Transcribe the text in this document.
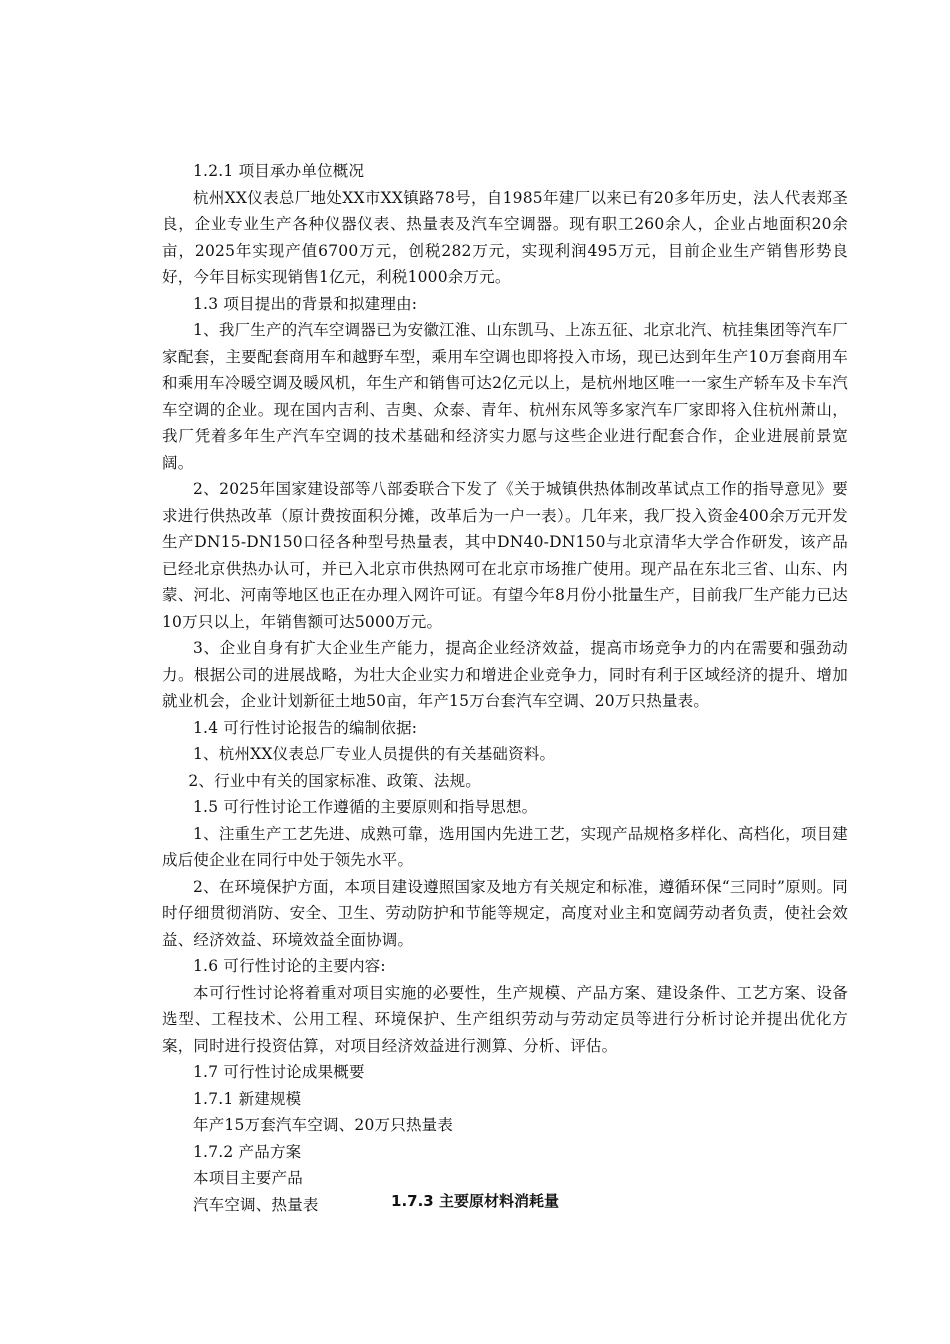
1.2.1 项目承办单位概况

杭州XX仪表总厂地处XX市XX镇路78号，自1985年建厂以来已有20多年历史，法人代表郑圣良，企业专业生产各种仪器仪表、热量表及汽车空调器。现有职工260余人，企业占地面积20余亩，2025年实现产值6700万元，创税282万元，实现利润495万元，目前企业生产销售形势良好，今年目标实现销售1亿元，利税1000余万元。

1.3 项目提出的背景和拟建理由:

1、我厂生产的汽车空调器已为安徽江淮、山东凯马、上冻五征、北京北汽、杭挂集团等汽车厂家配套，主要配套商用车和越野车型，乘用车空调也即将投入市场，现已达到年生产10万套商用车和乘用车冷暖空调及暖风机，年生产和销售可达2亿元以上，是杭州地区唯一一家生产轿车及卡车汽车空调的企业。现在国内吉利、吉奥、众泰、青年、杭州东风等多家汽车厂家即将入住杭州萧山，我厂凭着多年生产汽车空调的技术基础和经济实力愿与这些企业进行配套合作，企业进展前景宽阔。

2、2025年国家建设部等八部委联合下发了《关于城镇供热体制改革试点工作的指导意见》要求进行供热改革（原计费按面积分摊，改革后为一户一表）。几年来，我厂投入资金400余万元开发生产DN15-DN150口径各种型号热量表，其中DN40-DN150与北京清华大学合作研发，该产品已经北京供热办认可，并已入北京市供热网可在北京市场推广使用。现产品在东北三省、山东、内蒙、河北、河南等地区也正在办理入网许可证。有望今年8月份小批量生产，目前我厂生产能力已达10万只以上，年销售额可达5000万元。

3、企业自身有扩大企业生产能力，提高企业经济效益，提高市场竞争力的内在需要和强劲动力。根据公司的进展战略，为壮大企业实力和增进企业竞争力，同时有利于区域经济的提升、增加就业机会，企业计划新征土地50亩，年产15万台套汽车空调、20万只热量表。

1.4 可行性讨论报告的编制依据:

1、杭州XX仪表总厂专业人员提供的有关基础资料。

2、行业中有关的国家标准、政策、法规。

1.5 可行性讨论工作遵循的主要原则和指导思想。

1、注重生产工艺先进、成熟可靠，选用国内先进工艺，实现产品规格多样化、高档化，项目建成后使企业在同行中处于领先水平。

2、在环境保护方面，本项目建设遵照国家及地方有关规定和标准，遵循环保“三同时”原则。同时仔细贯彻消防、安全、卫生、劳动防护和节能等规定，高度对业主和宽阔劳动者负责，使社会效益、经济效益、环境效益全面协调。

1.6 可行性讨论的主要内容:

本可行性讨论将着重对项目实施的必要性，生产规模、产品方案、建设条件、工艺方案、设备选型、工程技术、公用工程、环境保护、生产组织劳动与劳动定员等进行分析讨论并提出优化方案，同时进行投资估算，对项目经济效益进行测算、分析、评估。

1.7 可行性讨论成果概要

1.7.1 新建规模

年产15万套汽车空调、20万只热量表

1.7.2 产品方案

本项目主要产品

汽车空调、热量表	1.7.3 主要原材料消耗量
